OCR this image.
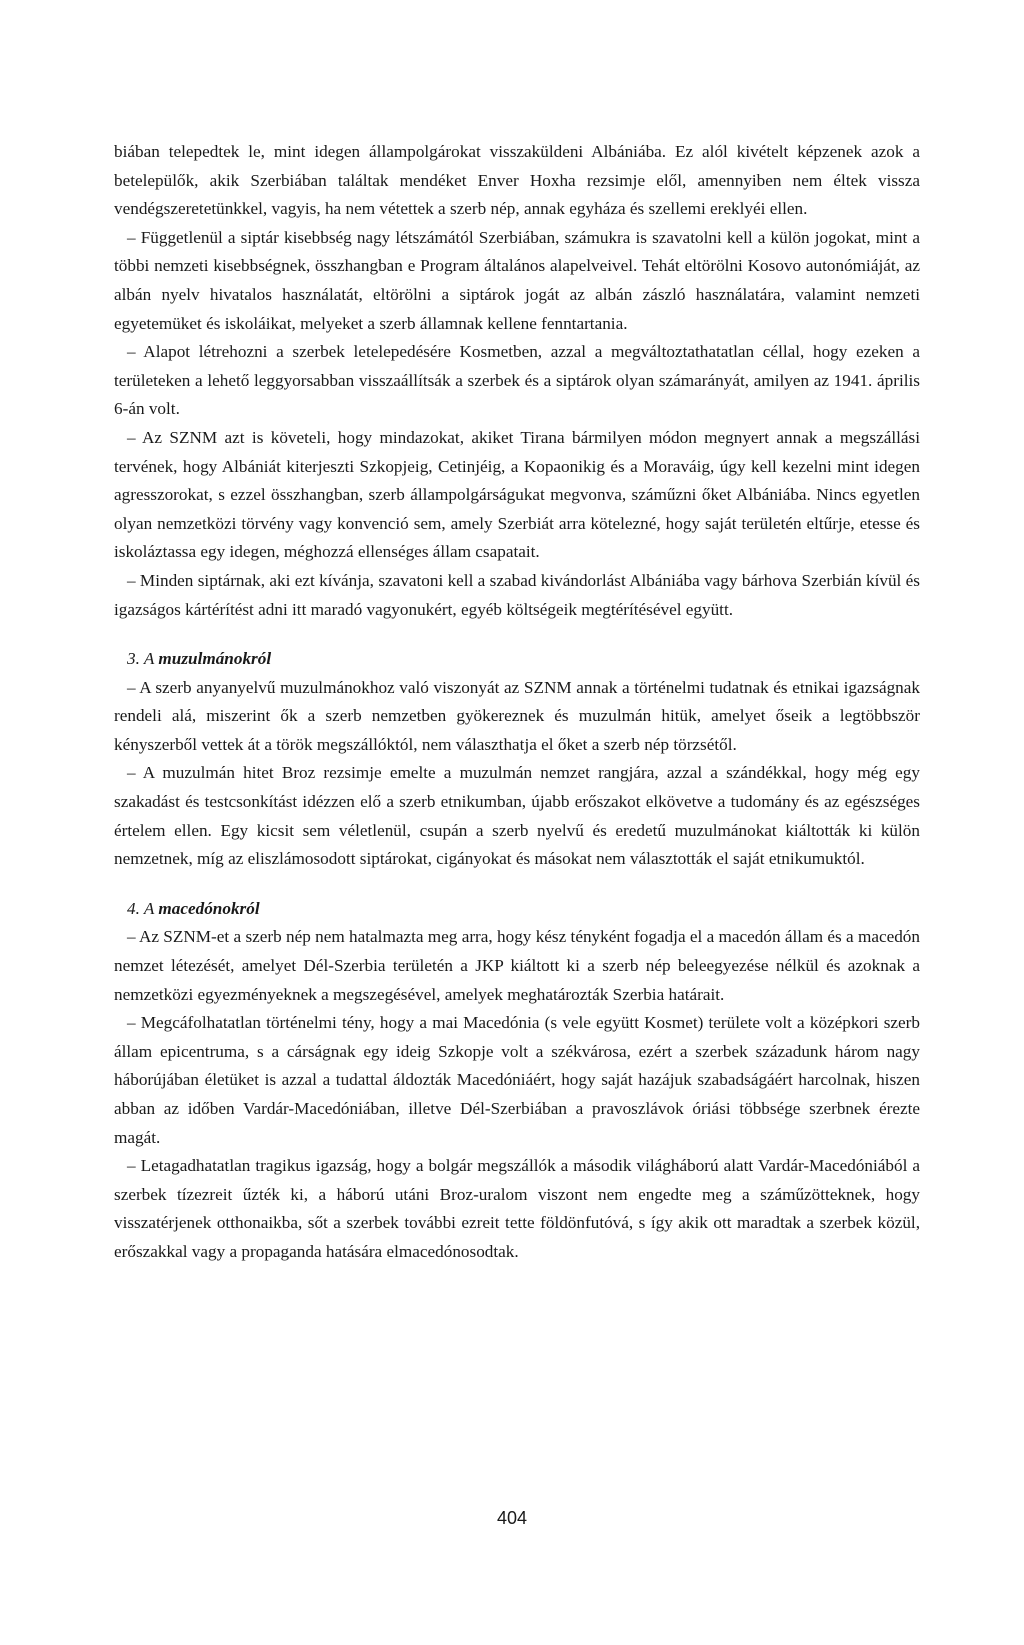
biában telepedtek le, mint idegen állampolgárokat visszaküldeni Albániába. Ez alól kivételt képzenek azok a betelepülők, akik Szerbiában találtak mendéket Enver Hoxha rezsimje elől, amennyiben nem éltek vissza vendégszeretetünkkel, vagyis, ha nem vétettek a szerb nép, annak egyháza és szellemi ereklyéi ellen.

– Függetlenül a siptár kisebbség nagy létszámától Szerbiában, számukra is szavatolni kell a külön jogokat, mint a többi nemzeti kisebbségnek, összhangban e Program általános alapelveivel. Tehát eltörölni Kosovo autonómiáját, az albán nyelv hivatalos használatát, eltörölni a siptárok jogát az albán zászló használatára, valamint nemzeti egyetemüket és iskoláikat, melyeket a szerb államnak kellene fenntartania.

– Alapot létrehozni a szerbek letelepedésére Kosmetben, azzal a megváltoztathatatlan céllal, hogy ezeken a területeken a lehető leggyorsabban visszaállítsák a szerbek és a siptárok olyan számarányát, amilyen az 1941. április 6-án volt.

– Az SZNM azt is követeli, hogy mindazokat, akiket Tirana bármilyen módon megnyert annak a megszállási tervének, hogy Albániát kiterjeszti Szkopjeig, Cetinjéig, a Kopaonikig és a Moraváig, úgy kell kezelni mint idegen agresszorokat, s ezzel összhangban, szerb állampolgárságukat megvonva, száműzni őket Albániába. Nincs egyetlen olyan nemzetközi törvény vagy konvenció sem, amely Szerbiát arra kötelezné, hogy saját területén eltűrje, etesse és iskoláztassa egy idegen, méghozzá ellenséges állam csapatait.

– Minden siptárnak, aki ezt kívánja, szavatoni kell a szabad kivándorlást Albániába vagy bárhova Szerbián kívül és igazságos kártérítést adni itt maradó vagyonukért, egyéb költségeik megtérítésével együtt.

3. A muzulmánokról

– A szerb anyanyelvű muzulmánokhoz való viszonyát az SZNM annak a történelmi tudatnak és etnikai igazságnak rendeli alá, miszerint ők a szerb nemzetben gyökereznek és muzulmán hitük, amelyet őseik a legtöbbször kényszerből vettek át a török megszállóktól, nem választhatja el őket a szerb nép törzsétől.

– A muzulmán hitet Broz rezsimje emelte a muzulmán nemzet rangjára, azzal a szándékkal, hogy még egy szakadást és testcsonkítást idézzen elő a szerb etnikumban, újabb erőszakot elkövetve a tudomány és az egészséges értelem ellen. Egy kicsit sem véletlenül, csupán a szerb nyelvű és eredetű muzulmánokat kiáltották ki külön nemzetnek, míg az eliszlámosodott siptárokat, cigányokat és másokat nem választották el saját etnikumuktól.

4. A macedónokról

– Az SZNM-et a szerb nép nem hatalmazta meg arra, hogy kész tényként fogadja el a macedón állam és a macedón nemzet létezését, amelyet Dél-Szerbia területén a JKP kiáltott ki a szerb nép beleegyezése nélkül és azoknak a nemzetközi egyezményeknek a megszegésével, amelyek meghatározták Szerbia határait.

– Megcáfolhatatlan történelmi tény, hogy a mai Macedónia (s vele együtt Kosmet) területe volt a középkori szerb állam epicentruma, s a cárságnak egy ideig Szkopje volt a székvárosa, ezért a szerbek századunk három nagy háborújában életüket is azzal a tudattal áldozták Macedóniáért, hogy saját hazájuk szabadságáért harcolnak, hiszen abban az időben Vardár-Macedóniában, illetve Dél-Szerbiában a pravoszlávok óriási többsége szerbnek érezte magát.

– Letagadhatatlan tragikus igazság, hogy a bolgár megszállók a második világháború alatt Vardár-Macedóniából a szerbek tízezreit űzték ki, a háború utáni Broz-uralom viszont nem engedte meg a száműzötteknek, hogy visszatérjenek otthonaikba, sőt a szerbek további ezreit tette földönfutóvá, s így akik ott maradtak a szerbek közül, erőszakkal vagy a propaganda hatására elmacedónosodtak.

404
